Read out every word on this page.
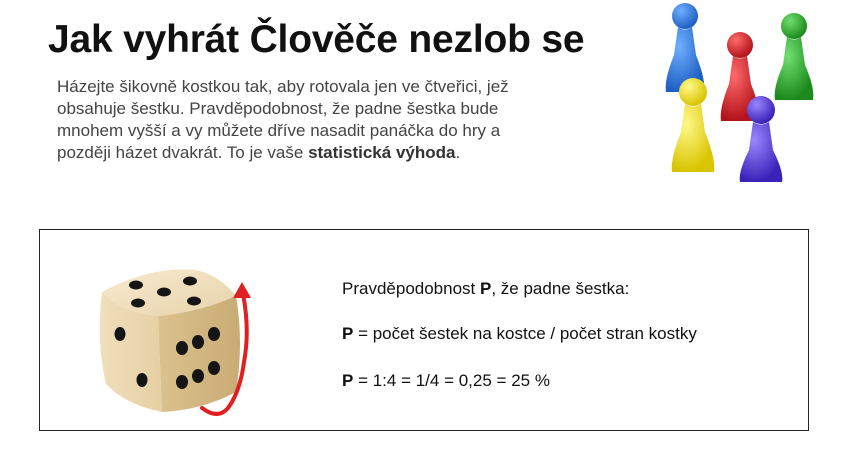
Jak vyhrát Člověče nezlob se

Házejte šikovně kostkou tak, aby rotovala jen ve čtveřici, jež obsahuje šestku. Pravděpodobnost, že padne šestka bude mnohem vyšší a vy můžete dříve nasadit panáčka do hry a později házet dvakrát. To je vaše statistická výhoda.

Pravděpodobnost P, že padne šestka:
P = počet šestek na kostce / počet stran kostky
P = 1:4 = 1/4 = 0,25 = 25 %
